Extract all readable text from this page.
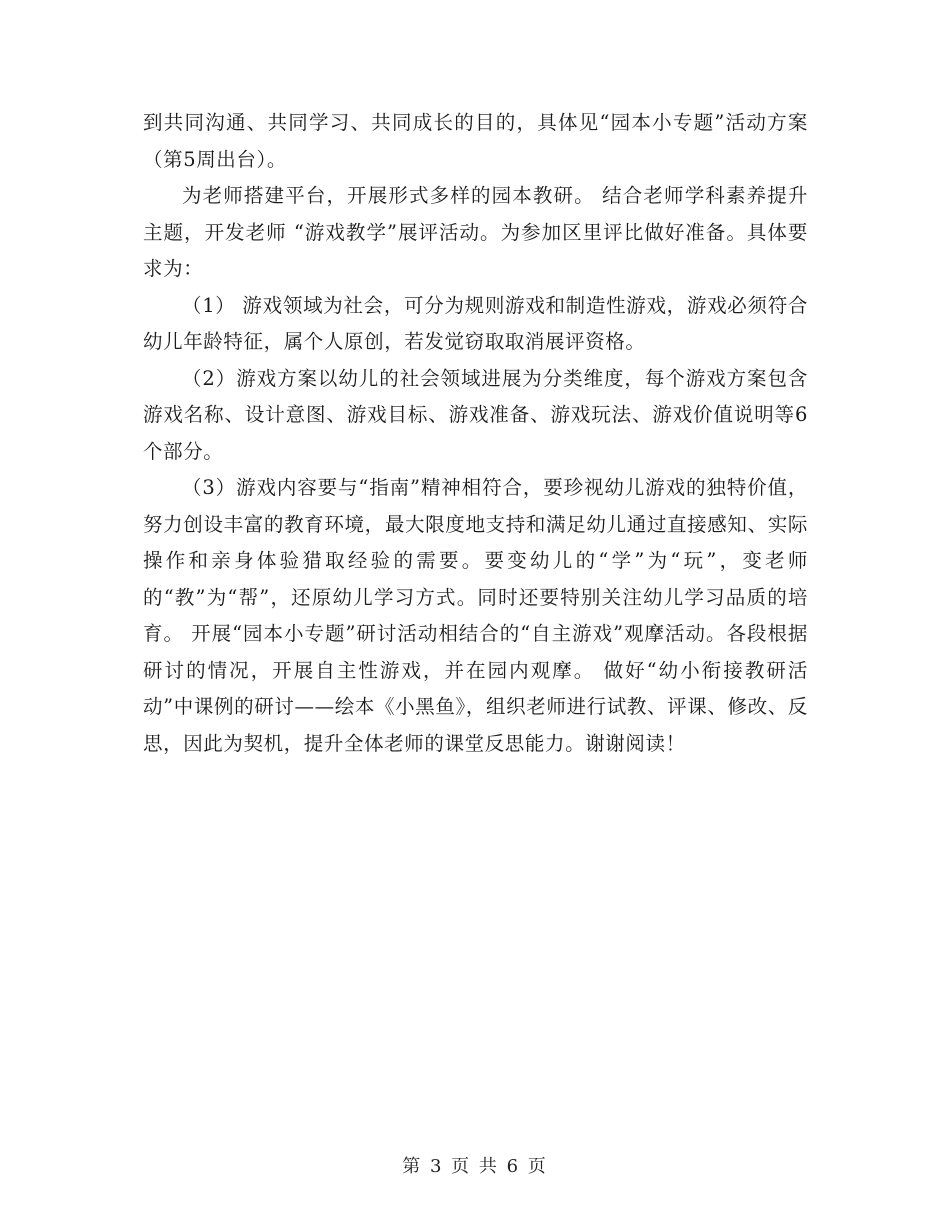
到共同沟通、共同学习、共同成长的目的，具体见“园本小专题”活动方案（第5周出台）。

为老师搭建平台，开展形式多样的园本教研。 结合老师学科素养提升主题，开发老师 “游戏教学”展评活动。为参加区里评比做好准备。具体要求为：

（1） 游戏领域为社会，可分为规则游戏和制造性游戏，游戏必须符合幼儿年龄特征，属个人原创，若发觉窃取取消展评资格。

（2）游戏方案以幼儿的社会领域进展为分类维度，每个游戏方案包含游戏名称、设计意图、游戏目标、游戏准备、游戏玩法、游戏价值说明等6个部分。

（3）游戏内容要与“指南”精神相符合，要珍视幼儿游戏的独特价值，努力创设丰富的教育环境，最大限度地支持和满足幼儿通过直接感知、实际操作和亲身体验猎取经验的需要。要变幼儿的“学”为“玩”，变老师的“教”为“帮”，还原幼儿学习方式。同时还要特别关注幼儿学习品质的培育。 开展“园本小专题”研讨活动相结合的“自主游戏”观摩活动。各段根据研讨的情况，开展自主性游戏，并在园内观摩。 做好“幼小衔接教研活动”中课例的研讨——绘本《小黑鱼》，组织老师进行试教、评课、修改、反思，因此为契机，提升全体老师的课堂反思能力。谢谢阅读！

第 3 页 共 6 页
